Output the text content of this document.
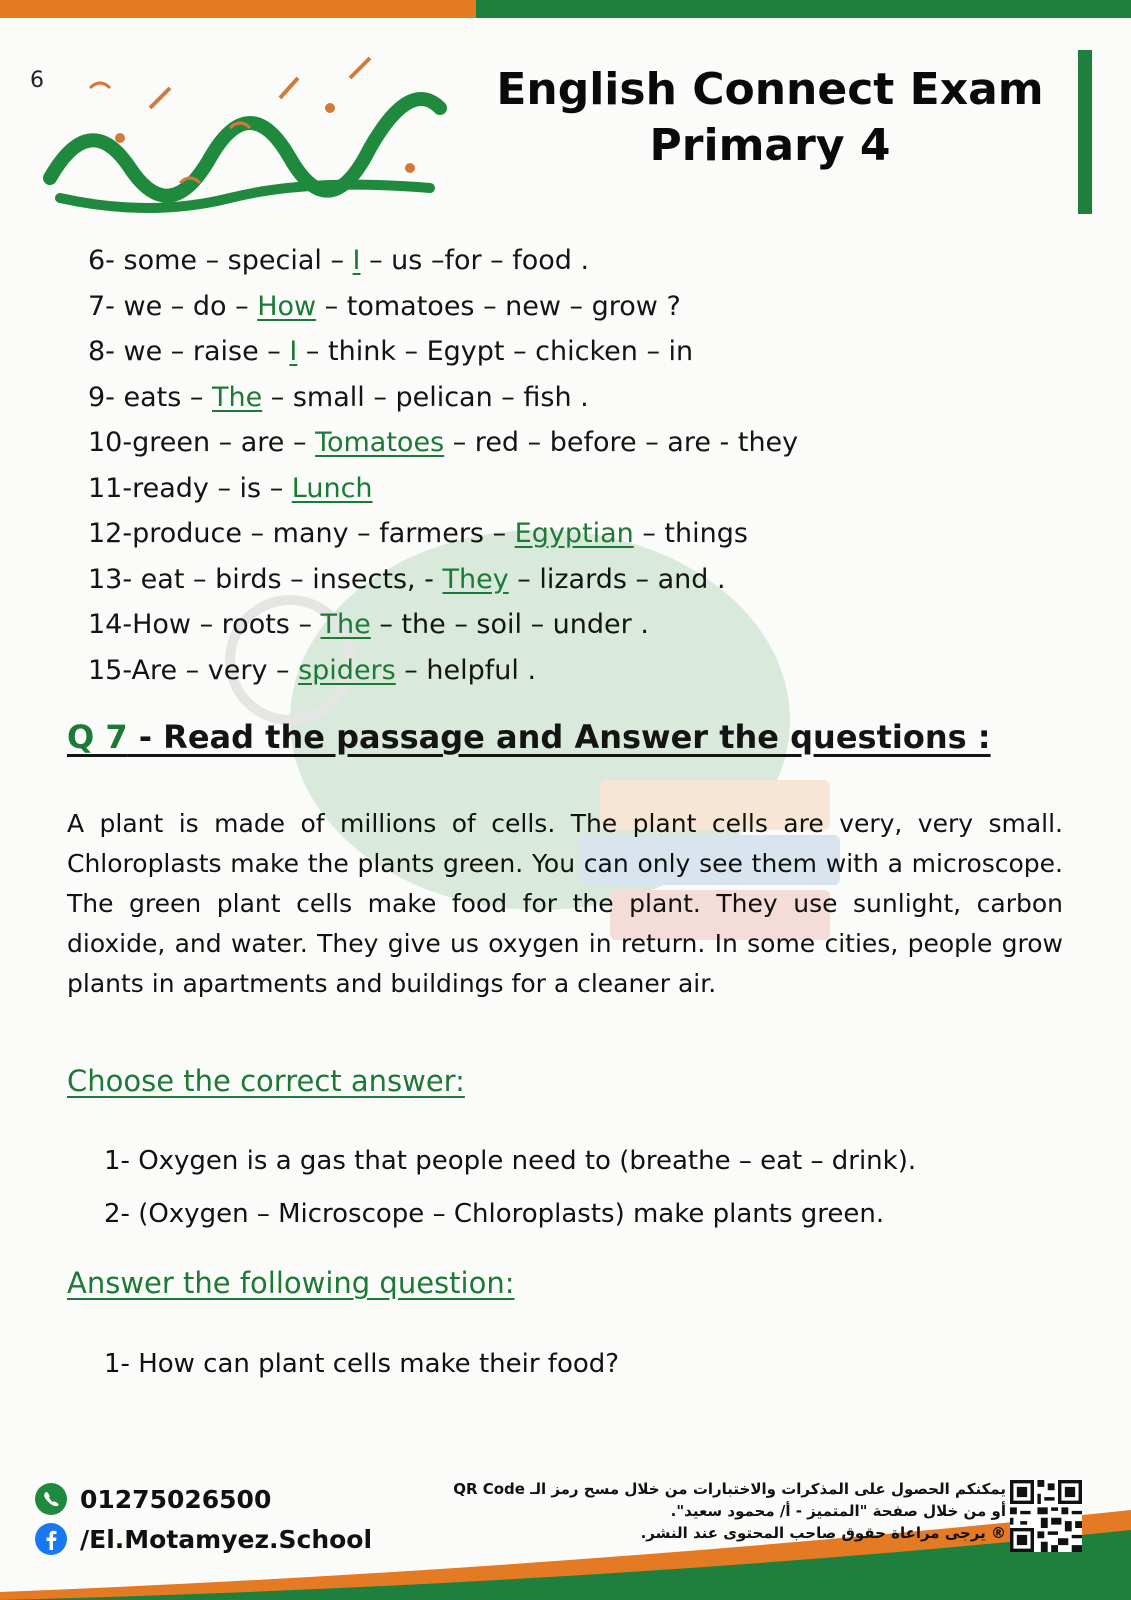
6	English Connect Exam
Primary 4
6- some – special – I – us –for – food .
7- we – do – How – tomatoes – new – grow ?
8- we – raise – I – think – Egypt – chicken – in
9- eats – The – small – pelican – fish .
10-green – are – Tomatoes – red – before – are - they
11-ready – is – Lunch
12-produce – many – farmers – Egyptian – things
13- eat – birds – insects, - They – lizards – and .
14-How – roots – The – the – soil – under .
15-Are – very – spiders – helpful .
Q 7 - Read the passage and Answer the questions :

A plant is made of millions of cells. The plant cells are very, very small. Chloroplasts make the plants green. You can only see them with a microscope. The green plant cells make food for the plant. They use sunlight, carbon dioxide, and water. They give us oxygen in return. In some cities, people grow plants in apartments and buildings for a cleaner air.

Choose the correct answer:
1- Oxygen is a gas that people need to (breathe – eat – drink).
2- (Oxygen – Microscope – Chloroplasts) make plants green.
Answer the following question:
1- How can plant cells make their food?
01275026500
/El.Motamyez.School
يمكنكم الحصول على المذكرات والاختبارات من خلال مسح رمز الـ QR Code
أو من خلال صفحة "المتميز - أ/ محمود سعيد".
® يرجى مراعاة حقوق صاحب المحتوى عند النشر.
